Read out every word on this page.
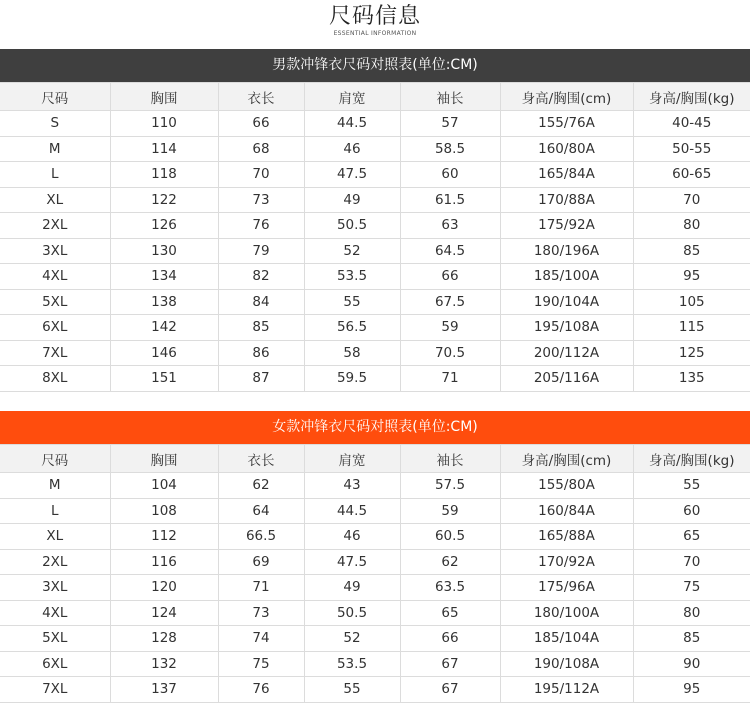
尺码信息
ESSENTIAL INFORMATION
男款冲锋衣尺码对照表(单位:CM)
尺码	胸围	衣长	肩宽	袖长	身高/胸围(cm)	身高/胸围(kg)
S	110	66	44.5	57	155/76A	40-45
M	114	68	46	58.5	160/80A	50-55
L	118	70	47.5	60	165/84A	60-65
XL	122	73	49	61.5	170/88A	70
2XL	126	76	50.5	63	175/92A	80
3XL	130	79	52	64.5	180/196A	85
4XL	134	82	53.5	66	185/100A	95
5XL	138	84	55	67.5	190/104A	105
6XL	142	85	56.5	59	195/108A	115
7XL	146	86	58	70.5	200/112A	125
8XL	151	87	59.5	71	205/116A	135
女款冲锋衣尺码对照表(单位:CM)
尺码	胸围	衣长	肩宽	袖长	身高/胸围(cm)	身高/胸围(kg)
M	104	62	43	57.5	155/80A	55
L	108	64	44.5	59	160/84A	60
XL	112	66.5	46	60.5	165/88A	65
2XL	116	69	47.5	62	170/92A	70
3XL	120	71	49	63.5	175/96A	75
4XL	124	73	50.5	65	180/100A	80
5XL	128	74	52	66	185/104A	85
6XL	132	75	53.5	67	190/108A	90
7XL	137	76	55	67	195/112A	95
